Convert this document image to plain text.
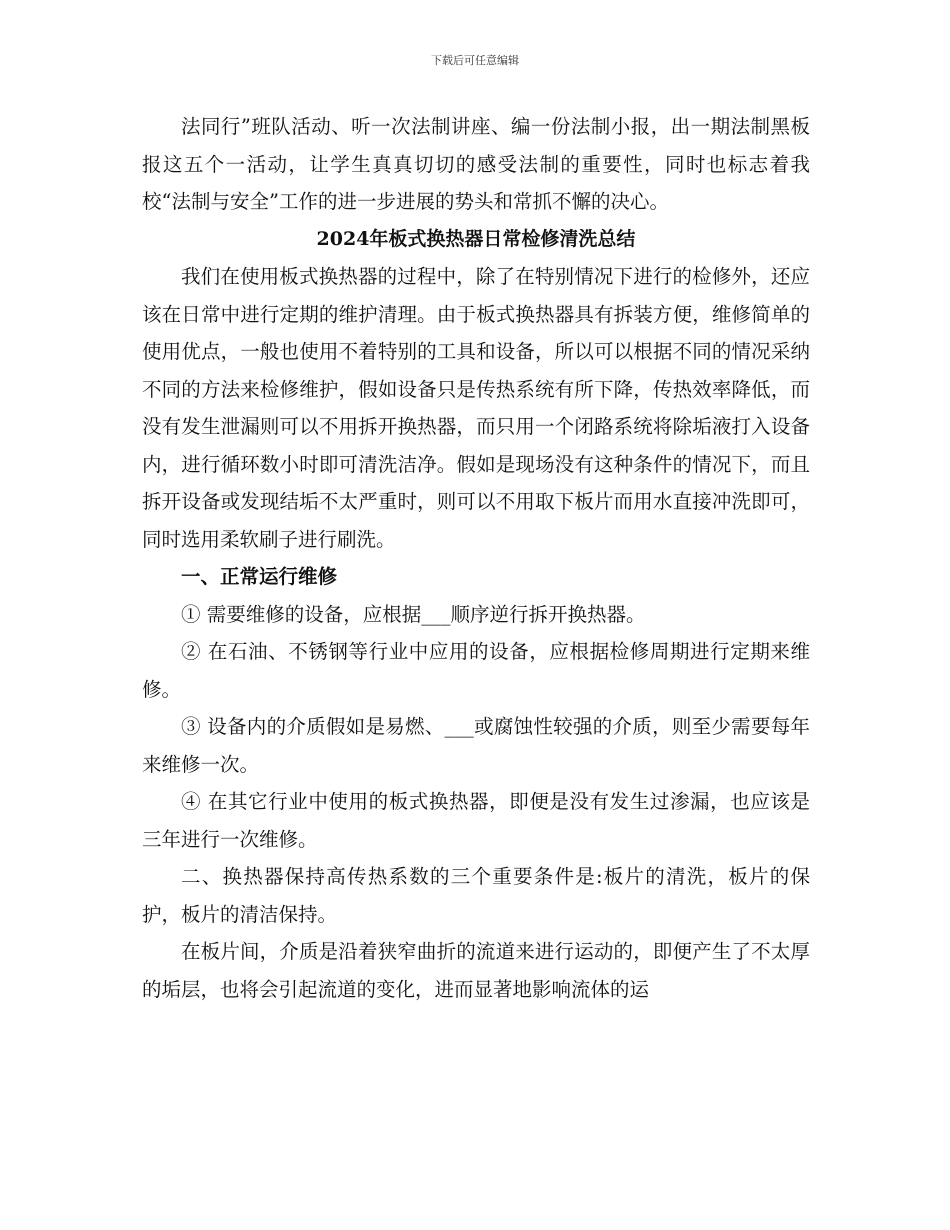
下载后可任意编辑

法同行”班队活动、听一次法制讲座、编一份法制小报，出一期法制黑板报这五个一活动，让学生真真切切的感受法制的重要性，同时也标志着我校“法制与安全”工作的进一步进展的势头和常抓不懈的决心。

2024年板式换热器日常检修清洗总结

我们在使用板式换热器的过程中，除了在特别情况下进行的检修外，还应该在日常中进行定期的维护清理。由于板式换热器具有拆装方便，维修简单的使用优点，一般也使用不着特别的工具和设备，所以可以根据不同的情况采纳不同的方法来检修维护，假如设备只是传热系统有所下降，传热效率降低，而没有发生泄漏则可以不用拆开换热器，而只用一个闭路系统将除垢液打入设备内，进行循环数小时即可清洗洁净。假如是现场没有这种条件的情况下，而且拆开设备或发现结垢不太严重时，则可以不用取下板片而用水直接冲洗即可，同时选用柔软刷子进行刷洗。

一、正常运行维修

① 需要维修的设备，应根据___顺序逆行拆开换热器。

② 在石油、不锈钢等行业中应用的设备，应根据检修周期进行定期来维修。

③ 设备内的介质假如是易燃、___或腐蚀性较强的介质，则至少需要每年来维修一次。

④ 在其它行业中使用的板式换热器，即便是没有发生过渗漏，也应该是三年进行一次维修。

二、换热器保持高传热系数的三个重要条件是:板片的清洗，板片的保护，板片的清洁保持。

在板片间，介质是沿着狭窄曲折的流道来进行运动的，即便产生了不太厚的垢层，也将会引起流道的变化，进而显著地影响流体的运
